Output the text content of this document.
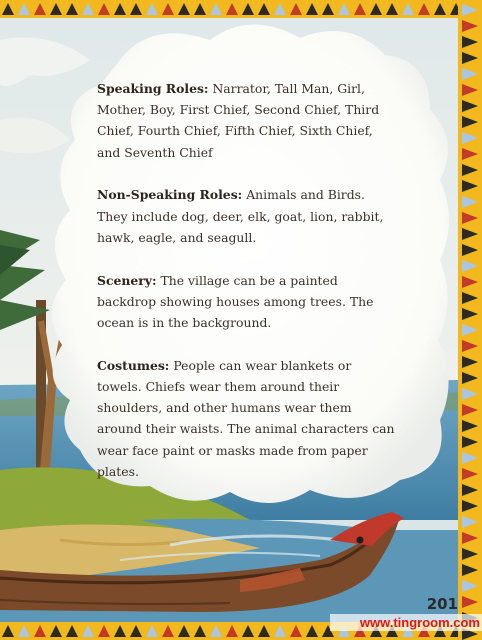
Speaking Roles: Narrator, Tall Man, Girl, Mother, Boy, First Chief, Second Chief, Third Chief, Fourth Chief, Fifth Chief, Sixth Chief, and Seventh Chief

Non-Speaking Roles: Animals and Birds. They include dog, deer, elk, goat, lion, rabbit, hawk, eagle, and seagull.

Scenery: The village can be a painted backdrop showing houses among trees. The ocean is in the background.

Costumes: People can wear blankets or towels. Chiefs wear them around their shoulders, and other humans wear them around their waists. The animal characters can wear face paint or masks made from paper plates.

201
www.tingroom.com
